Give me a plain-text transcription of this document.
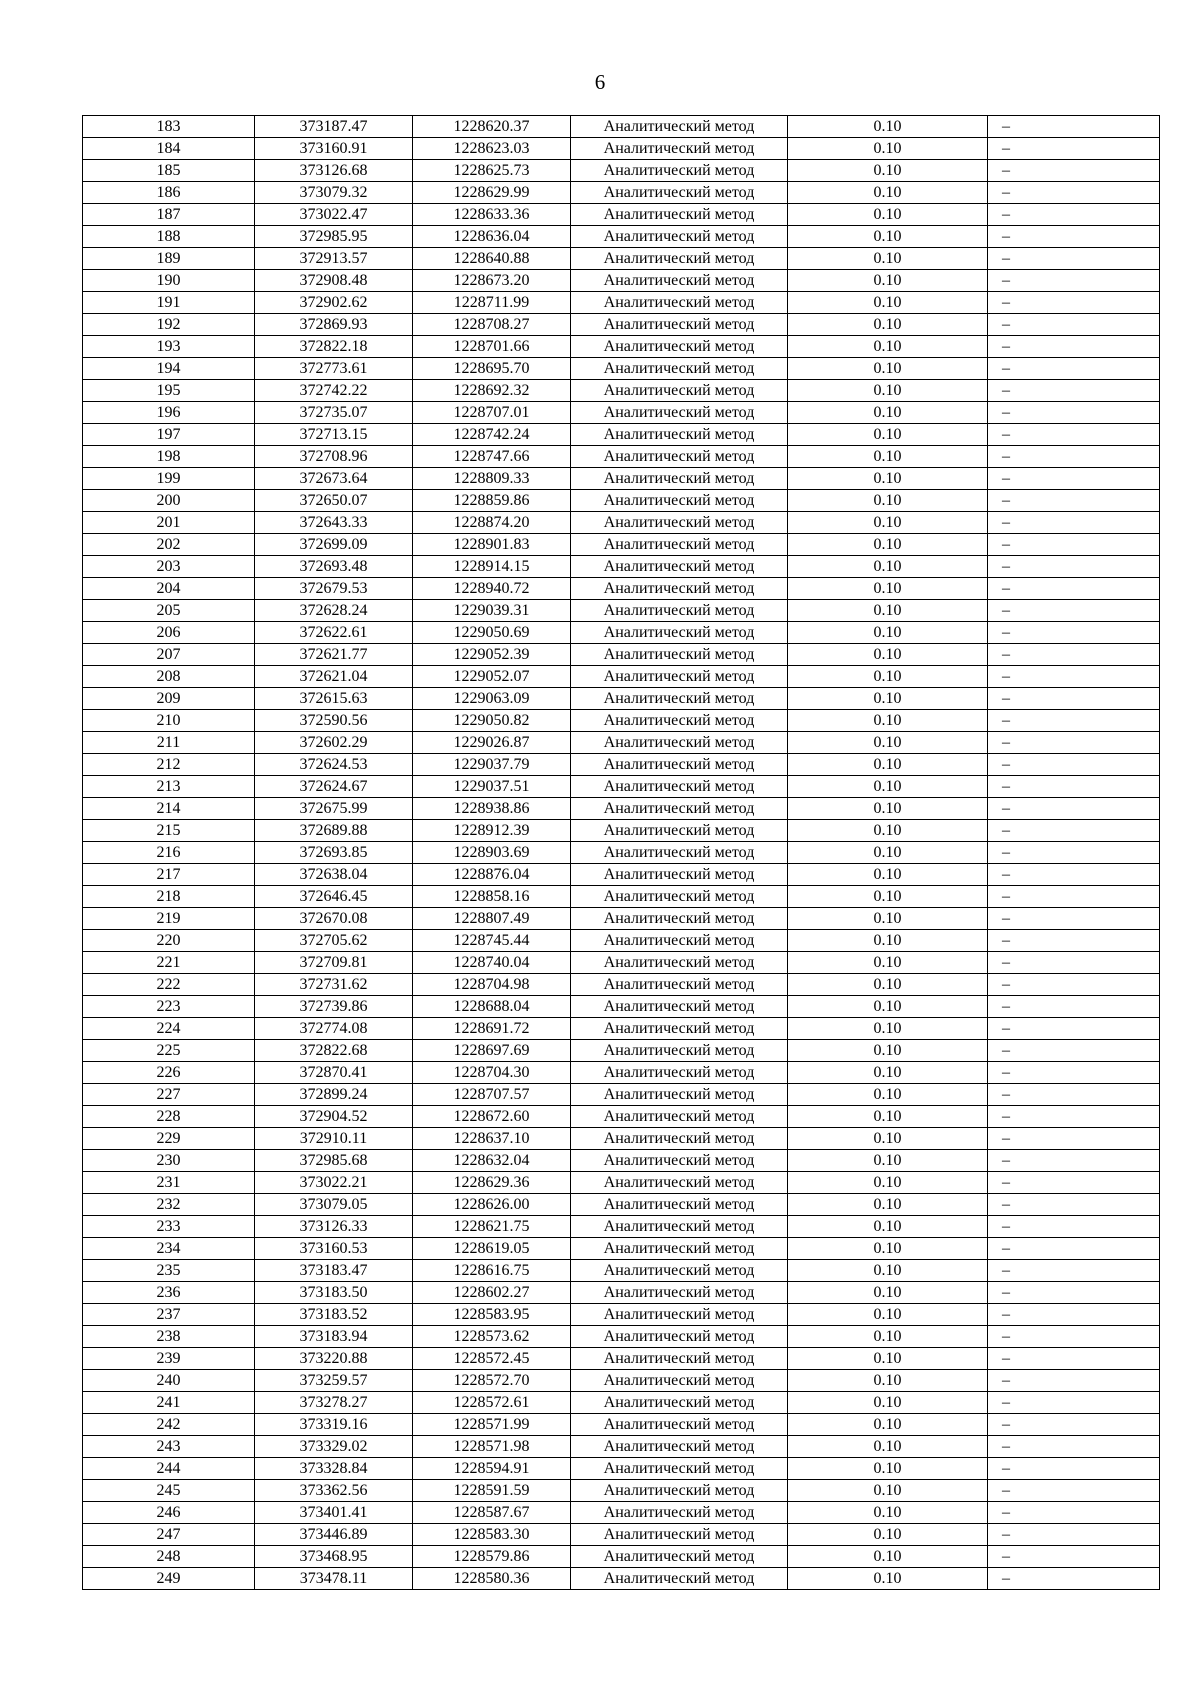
6
183	373187.47	1228620.37	Аналитический метод	0.10	–
184	373160.91	1228623.03	Аналитический метод	0.10	–
185	373126.68	1228625.73	Аналитический метод	0.10	–
186	373079.32	1228629.99	Аналитический метод	0.10	–
187	373022.47	1228633.36	Аналитический метод	0.10	–
188	372985.95	1228636.04	Аналитический метод	0.10	–
189	372913.57	1228640.88	Аналитический метод	0.10	–
190	372908.48	1228673.20	Аналитический метод	0.10	–
191	372902.62	1228711.99	Аналитический метод	0.10	–
192	372869.93	1228708.27	Аналитический метод	0.10	–
193	372822.18	1228701.66	Аналитический метод	0.10	–
194	372773.61	1228695.70	Аналитический метод	0.10	–
195	372742.22	1228692.32	Аналитический метод	0.10	–
196	372735.07	1228707.01	Аналитический метод	0.10	–
197	372713.15	1228742.24	Аналитический метод	0.10	–
198	372708.96	1228747.66	Аналитический метод	0.10	–
199	372673.64	1228809.33	Аналитический метод	0.10	–
200	372650.07	1228859.86	Аналитический метод	0.10	–
201	372643.33	1228874.20	Аналитический метод	0.10	–
202	372699.09	1228901.83	Аналитический метод	0.10	–
203	372693.48	1228914.15	Аналитический метод	0.10	–
204	372679.53	1228940.72	Аналитический метод	0.10	–
205	372628.24	1229039.31	Аналитический метод	0.10	–
206	372622.61	1229050.69	Аналитический метод	0.10	–
207	372621.77	1229052.39	Аналитический метод	0.10	–
208	372621.04	1229052.07	Аналитический метод	0.10	–
209	372615.63	1229063.09	Аналитический метод	0.10	–
210	372590.56	1229050.82	Аналитический метод	0.10	–
211	372602.29	1229026.87	Аналитический метод	0.10	–
212	372624.53	1229037.79	Аналитический метод	0.10	–
213	372624.67	1229037.51	Аналитический метод	0.10	–
214	372675.99	1228938.86	Аналитический метод	0.10	–
215	372689.88	1228912.39	Аналитический метод	0.10	–
216	372693.85	1228903.69	Аналитический метод	0.10	–
217	372638.04	1228876.04	Аналитический метод	0.10	–
218	372646.45	1228858.16	Аналитический метод	0.10	–
219	372670.08	1228807.49	Аналитический метод	0.10	–
220	372705.62	1228745.44	Аналитический метод	0.10	–
221	372709.81	1228740.04	Аналитический метод	0.10	–
222	372731.62	1228704.98	Аналитический метод	0.10	–
223	372739.86	1228688.04	Аналитический метод	0.10	–
224	372774.08	1228691.72	Аналитический метод	0.10	–
225	372822.68	1228697.69	Аналитический метод	0.10	–
226	372870.41	1228704.30	Аналитический метод	0.10	–
227	372899.24	1228707.57	Аналитический метод	0.10	–
228	372904.52	1228672.60	Аналитический метод	0.10	–
229	372910.11	1228637.10	Аналитический метод	0.10	–
230	372985.68	1228632.04	Аналитический метод	0.10	–
231	373022.21	1228629.36	Аналитический метод	0.10	–
232	373079.05	1228626.00	Аналитический метод	0.10	–
233	373126.33	1228621.75	Аналитический метод	0.10	–
234	373160.53	1228619.05	Аналитический метод	0.10	–
235	373183.47	1228616.75	Аналитический метод	0.10	–
236	373183.50	1228602.27	Аналитический метод	0.10	–
237	373183.52	1228583.95	Аналитический метод	0.10	–
238	373183.94	1228573.62	Аналитический метод	0.10	–
239	373220.88	1228572.45	Аналитический метод	0.10	–
240	373259.57	1228572.70	Аналитический метод	0.10	–
241	373278.27	1228572.61	Аналитический метод	0.10	–
242	373319.16	1228571.99	Аналитический метод	0.10	–
243	373329.02	1228571.98	Аналитический метод	0.10	–
244	373328.84	1228594.91	Аналитический метод	0.10	–
245	373362.56	1228591.59	Аналитический метод	0.10	–
246	373401.41	1228587.67	Аналитический метод	0.10	–
247	373446.89	1228583.30	Аналитический метод	0.10	–
248	373468.95	1228579.86	Аналитический метод	0.10	–
249	373478.11	1228580.36	Аналитический метод	0.10	–
